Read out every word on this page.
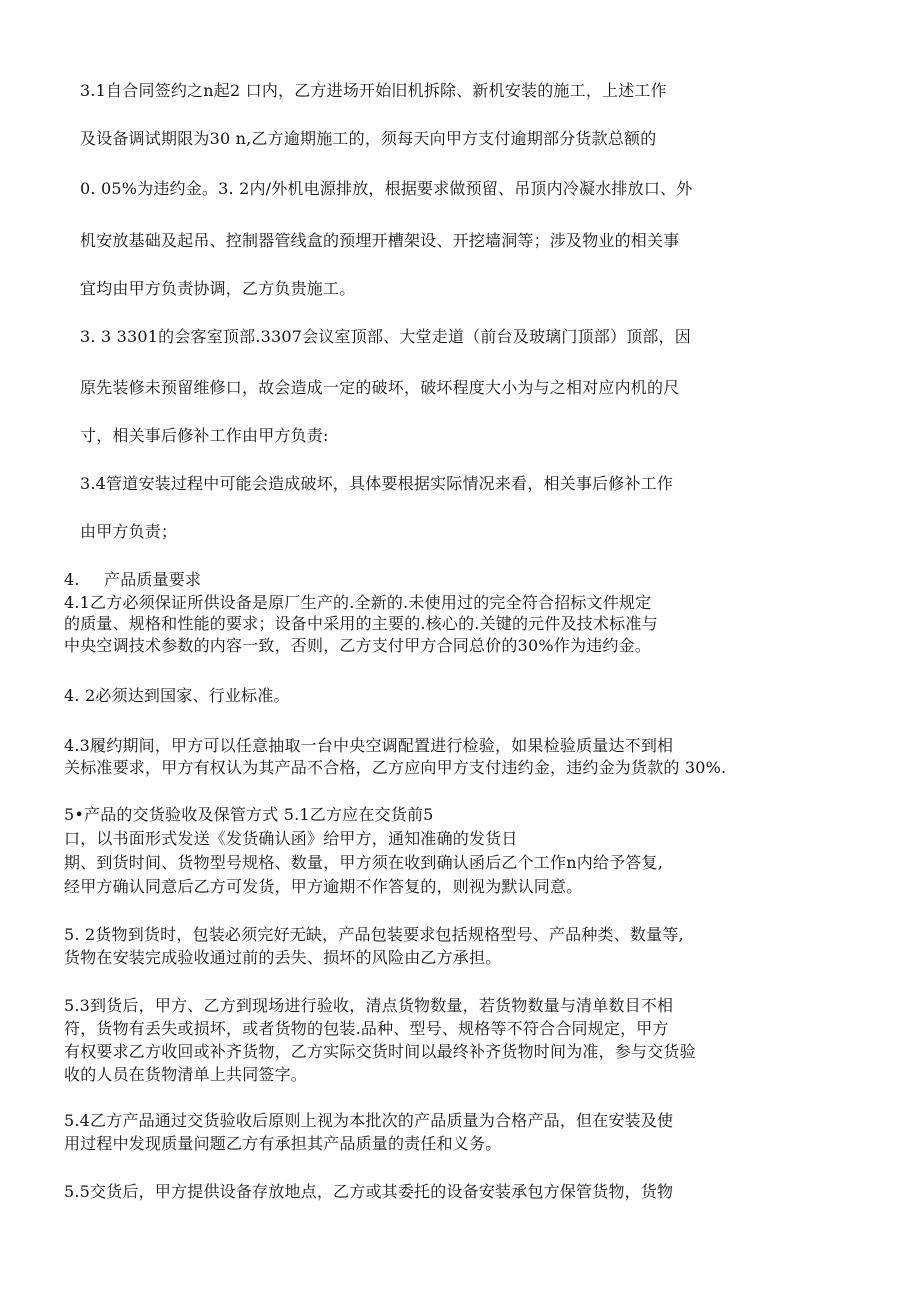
3.1自合同签约之n起2 口内，乙方进场开始旧机拆除、新机安装的施工，上述工作

及设备调试期限为30 n,乙方逾期施工的，须每天向甲方支付逾期部分货款总额的

0. 05%为违约金。3. 2内/外机电源排放，根据要求做预留、吊顶内冷凝水排放口、外

机安放基础及起吊、控制器管线盒的预埋开槽架设、开挖墙洞等；涉及物业的相关事

宜均由甲方负责协调，乙方负贵施工。

3. 3 3301的会客室顶部.3307会议室顶部、大堂走道（前台及玻璃门顶部）顶部，因

原先装修未预留维修口，故会造成一定的破坏，破坏程度大小为与之相对应内机的尺

寸，相关事后修补工作由甲方负责:

3.4管道安装过程中可能会造成破坏，具体要根据实际情况来看，相关事后修补工作

由甲方负责；

4. 产品质量要求

4.1乙方必须保证所供设备是原厂生产的.全新的.未使用过的完全符合招标文件规定

的质量、规格和性能的要求；设备中采用的主要的.核心的.关键的元件及技术标准与

中央空调技术参数的内容一致，否则，乙方支付甲方合同总价的30%作为违约金。

4. 2必须达到国家、行业标准。

4.3履约期间，甲方可以任意抽取一台中央空调配置进行检验，如果检验质量达不到相

关标准要求，甲方有权认为其产品不合格，乙方应向甲方支付违约金，违约金为货款的 30%.

5•产品的交货验收及保管方式 5.1乙方应在交货前5

口，以书面形式发送《发货确认函》给甲方，通知准确的发货日

期、到货时间、货物型号规格、数量，甲方须在收到确认函后乙个工作n内给予答复,

经甲方确认同意后乙方可发货，甲方逾期不作答复的，则视为默认同意。

5. 2货物到货时，包装必须完好无缺，产品包装要求包括规格型号、产品种类、数量等,

货物在安装完成验收通过前的丢失、损坏的风险由乙方承担。

5.3到货后，甲方、乙方到现场进行验收，清点货物数量，若货物数量与清单数目不相

符，货物有丢失或损坏，或者货物的包装.品种、型号、规格等不符合合同规定，甲方

有权要求乙方收回或补齐货物，乙方实际交货时间以最终补齐货物时间为准，参与交货验

收的人员在货物清单上共同签字。

5.4乙方产品通过交货验收后原则上视为本批次的产品质量为合格产品，但在安装及使

用过程中发现质量问题乙方有承担其产品质量的责任和义务。

5.5交货后，甲方提供设备存放地点，乙方或其委托的设备安装承包方保管货物，货物
